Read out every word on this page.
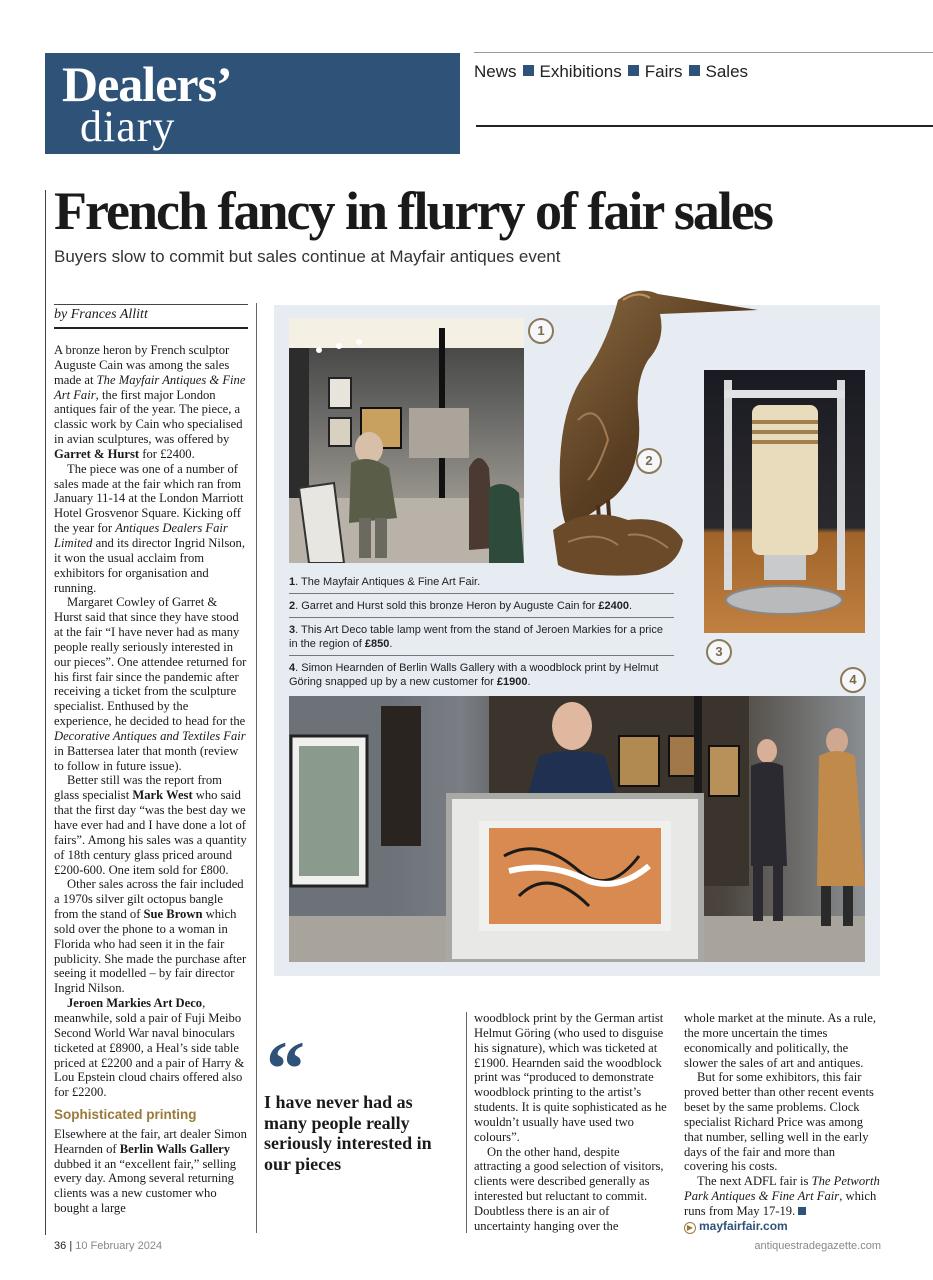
Dealers’
diary
News Exhibitions Fairs Sales
French fancy in flurry of fair sales
Buyers slow to commit but sales continue at Mayfair antiques event
by Frances Allitt

A bronze heron by French sculptor Auguste Cain was among the sales made at The Mayfair Antiques & Fine Art Fair, the first major London antiques fair of the year. The piece, a classic work by Cain who specialised in avian sculptures, was offered by Garret & Hurst for £2400.

The piece was one of a number of sales made at the fair which ran from January 11-14 at the London Marriott Hotel Grosvenor Square. Kicking off the year for Antiques Dealers Fair Limited and its director Ingrid Nilson, it won the usual acclaim from exhibitors for organisation and running.

Margaret Cowley of Garret & Hurst said that since they have stood at the fair “I have never had as many people really seriously interested in our pieces”. One attendee returned for his first fair since the pandemic after receiving a ticket from the sculpture specialist. Enthused by the experience, he decided to head for the Decorative Antiques and Textiles Fair in Battersea later that month (review to follow in future issue).

Better still was the report from glass specialist Mark West who said that the first day “was the best day we have ever had and I have done a lot of fairs”. Among his sales was a quantity of 18th century glass priced around £200-600. One item sold for £800.

Other sales across the fair included a 1970s silver gilt octopus bangle from the stand of Sue Brown which sold over the phone to a woman in Florida who had seen it in the fair publicity. She made the purchase after seeing it modelled – by fair director Ingrid Nilson.

Jeroen Markies Art Deco, meanwhile, sold a pair of Fuji Meibo Second World War naval binoculars ticketed at £8900, a Heal’s side table priced at £2200 and a pair of Harry & Lou Epstein cloud chairs offered also for £2200.

Sophisticated printing

Elsewhere at the fair, art dealer Simon Hearnden of Berlin Walls Gallery dubbed it an “excellent fair,” selling every day. Among several returning clients was a new customer who bought a large

1
2
3
4
1. The Mayfair Antiques & Fine Art Fair.
2. Garret and Hurst sold this bronze Heron by Auguste Cain for £2400.
3. This Art Deco table lamp went from the stand of Jeroen Markies for a price in the region of £850.
4. Simon Hearnden of Berlin Walls Gallery with a woodblock print by Helmut Göring snapped up by a new customer for £1900.
“
I have never had as many people really seriously interested in our pieces

woodblock print by the German artist Helmut Göring (who used to disguise his signature), which was ticketed at £1900. Hearnden said the woodblock print was “produced to demonstrate woodblock printing to the artist’s students. It is quite sophisticated as he wouldn’t usually have used two colours”.

On the other hand, despite attracting a good selection of visitors, clients were described generally as interested but reluctant to commit. Doubtless there is an air of uncertainty hanging over the

whole market at the minute. As a rule, the more uncertain the times economically and politically, the slower the sales of art and antiques.

But for some exhibitors, this fair proved better than other recent events beset by the same problems. Clock specialist Richard Price was among that number, selling well in the early days of the fair and more than covering his costs.

The next ADFL fair is The Petworth Park Antiques & Fine Art Fair, which runs from May 17-19.

▶ mayfairfair.com

36 | 10 February 2024	antiquestradegazette.com
